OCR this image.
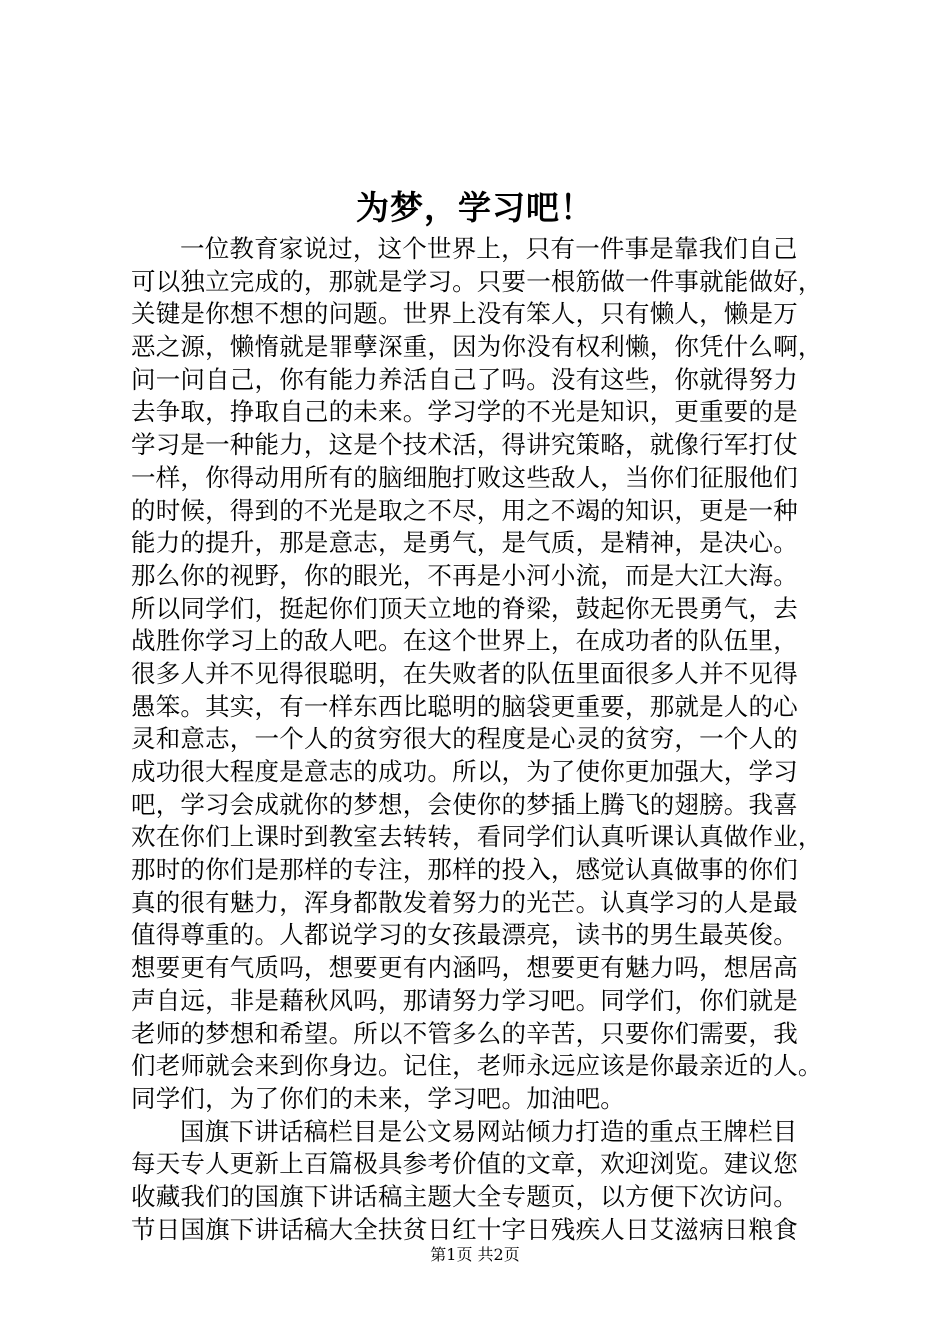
为梦，学习吧！
一位教育家说过，这个世界上，只有一件事是靠我们自己
可以独立完成的，那就是学习。只要一根筋做一件事就能做好，
关键是你想不想的问题。世界上没有笨人，只有懒人，懒是万
恶之源，懒惰就是罪孽深重，因为你没有权利懒，你凭什么啊，
问一问自己，你有能力养活自己了吗。没有这些，你就得努力
去争取，挣取自己的未来。学习学的不光是知识，更重要的是
学习是一种能力，这是个技术活，得讲究策略，就像行军打仗
一样，你得动用所有的脑细胞打败这些敌人，当你们征服他们
的时候，得到的不光是取之不尽，用之不竭的知识，更是一种
能力的提升，那是意志，是勇气，是气质，是精神，是决心。
那么你的视野，你的眼光，不再是小河小流，而是大江大海。
所以同学们，挺起你们顶天立地的脊梁，鼓起你无畏勇气，去
战胜你学习上的敌人吧。在这个世界上，在成功者的队伍里，
很多人并不见得很聪明，在失败者的队伍里面很多人并不见得
愚笨。其实，有一样东西比聪明的脑袋更重要，那就是人的心
灵和意志，一个人的贫穷很大的程度是心灵的贫穷，一个人的
成功很大程度是意志的成功。所以，为了使你更加强大，学习
吧，学习会成就你的梦想，会使你的梦插上腾飞的翅膀。我喜
欢在你们上课时到教室去转转，看同学们认真听课认真做作业，
那时的你们是那样的专注，那样的投入，感觉认真做事的你们
真的很有魅力，浑身都散发着努力的光芒。认真学习的人是最
值得尊重的。人都说学习的女孩最漂亮，读书的男生最英俊。
想要更有气质吗，想要更有内涵吗，想要更有魅力吗，想居高
声自远，非是藉秋风吗，那请努力学习吧。同学们，你们就是
老师的梦想和希望。所以不管多么的辛苦，只要你们需要，我
们老师就会来到你身边。记住，老师永远应该是你最亲近的人。
同学们，为了你们的未来，学习吧。加油吧。
国旗下讲话稿栏目是公文易网站倾力打造的重点王牌栏目
每天专人更新上百篇极具参考价值的文章，欢迎浏览。建议您
收藏我们的国旗下讲话稿主题大全专题页，以方便下次访问。
节日国旗下讲话稿大全扶贫日红十字日残疾人日艾滋病日粮食
第1页 共2页
